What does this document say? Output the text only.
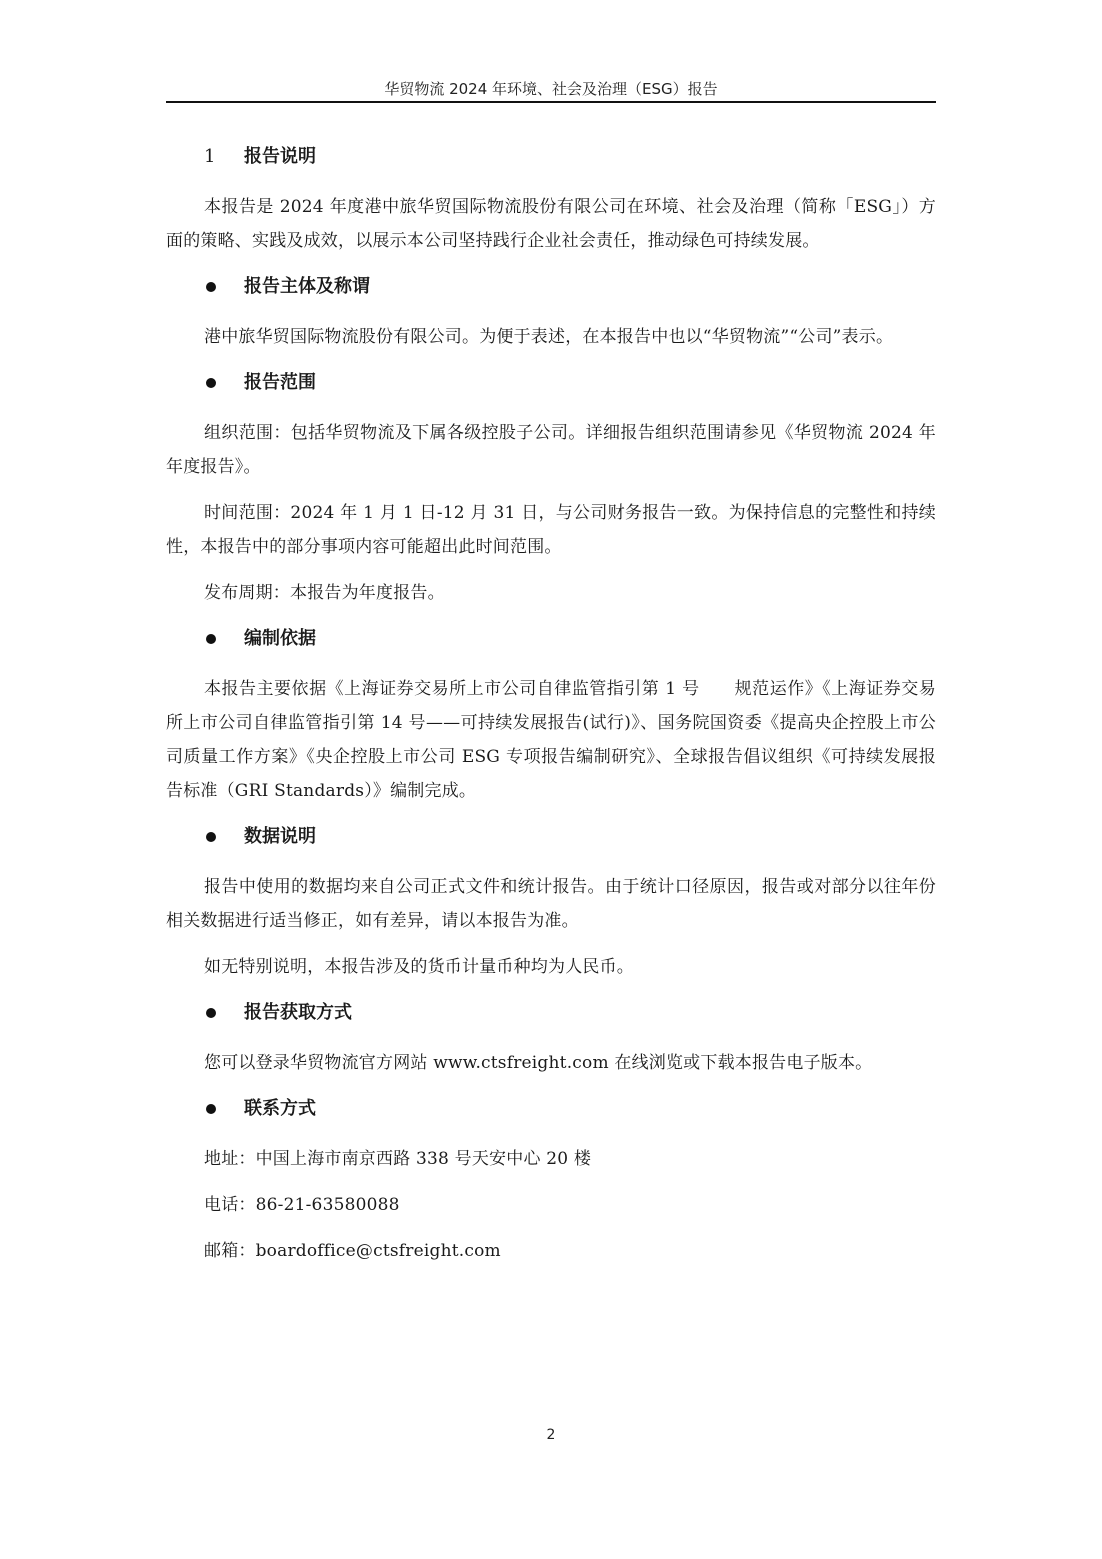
华贸物流 2024 年环境、社会及治理（ESG）报告
1 报告说明

本报告是 2024 年度港中旅华贸国际物流股份有限公司在环境、社会及治理（简称「ESG」）方面的策略、实践及成效，以展示本公司坚持践行企业社会责任，推动绿色可持续发展。

报告主体及称谓

港中旅华贸国际物流股份有限公司。为便于表述，在本报告中也以“华贸物流”“公司”表示。

报告范围

组织范围：包括华贸物流及下属各级控股子公司。详细报告组织范围请参见《华贸物流 2024 年年度报告》。

时间范围：2024 年 1 月 1 日-12 月 31 日，与公司财务报告一致。为保持信息的完整性和持续性，本报告中的部分事项内容可能超出此时间范围。

发布周期：本报告为年度报告。

编制依据

本报告主要依据《上海证券交易所上市公司自律监管指引第 1 号　　规范运作》《上海证券交易所上市公司自律监管指引第 14 号——可持续发展报告(试行)》、国务院国资委《提高央企控股上市公司质量工作方案》《央企控股上市公司 ESG 专项报告编制研究》、全球报告倡议组织《可持续发展报告标准（GRI Standards）》编制完成。

数据说明

报告中使用的数据均来自公司正式文件和统计报告。由于统计口径原因，报告或对部分以往年份相关数据进行适当修正，如有差异，请以本报告为准。

如无特别说明，本报告涉及的货币计量币种均为人民币。

报告获取方式

您可以登录华贸物流官方网站 www.ctsfreight.com 在线浏览或下载本报告电子版本。

联系方式

地址：中国上海市南京西路 338 号天安中心 20 楼

电话：86-21-63580088

邮箱：boardoffice@ctsfreight.com

2
